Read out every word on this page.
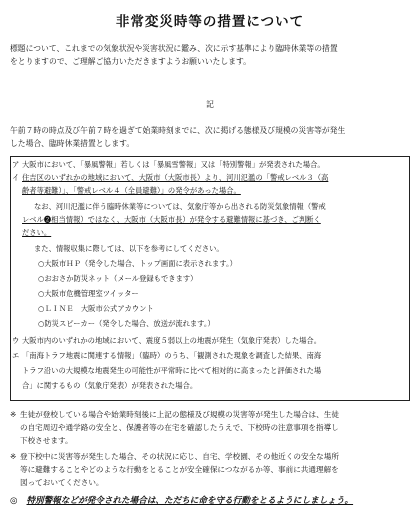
非常変災時等の措置について

標題について、これまでの気象状況や災害状況に鑑み、次に示す基準により臨時休業等の措置
をとりますので、ご理解ご協力いただきますようお願いいたします。

記

午前７時の時点及び午前７時を過ぎて始業時刻までに、次に掲げる態様及び規模の災害等が発生
した場合、臨時休業措置とします。

ア 大阪市において、「暴風警報」若しくは「暴風雪警報」又は「特別警報」が発表された場合。
イ 住吉区のいずれかの地域において、大阪市（大阪市長）より、河川氾濫の「警戒レベル３（高
齢者等避難）」、「警戒レベル４（全員避難）」の発令があった場合。
なお、河川氾濫に伴う臨時休業等については、気象庁等から出される防災気象情報（警戒
レベル❷相当情報）ではなく、大阪市（大阪市長）が発令する避難情報に基づき、ご判断く
ださい。
また、情報収集に際しては、以下を参考にしてください。
○大阪市ＨＰ（発令した場合、トップ画面に表示されます。）
○おおさか防災ネット（メール登録もできます）
○大阪市危機管理室ツイッター
○ＬＩＮＥ　大阪市公式アカウント
○防災スピーカー（発令した場合、放送が流れます。）
ウ 大阪市内のいずれかの地域において、震度５弱以上の地震が発生（気象庁発表）した場合。
エ 「南海トラフ地震に関連する情報」（臨時）のうち、「観測された現象を調査した結果、南海
トラフ沿いの大規模な地震発生の可能性が平常時に比べて相対的に高まったと評価された場
合」に関するもの（気象庁発表）が発表された場合。
※ 生徒が登校している場合や始業時刻後に上記の態様及び規模の災害等が発生した場合は、生徒
の自宅周辺や通学路の安全と、保護者等の在宅を確認したうえで、下校時の注意事項を指導し
下校させます。
※ 登下校中に災害等が発生した場合、その状況に応じ、自宅、学校園、その他近くの安全な場所
等に避難することやどのような行動をとることが安全確保につながるか等、事前に共通理解を
図っておいてください。
◎ 特別警報などが発令された場合は、ただちに命を守る行動をとるようにしましょう。
